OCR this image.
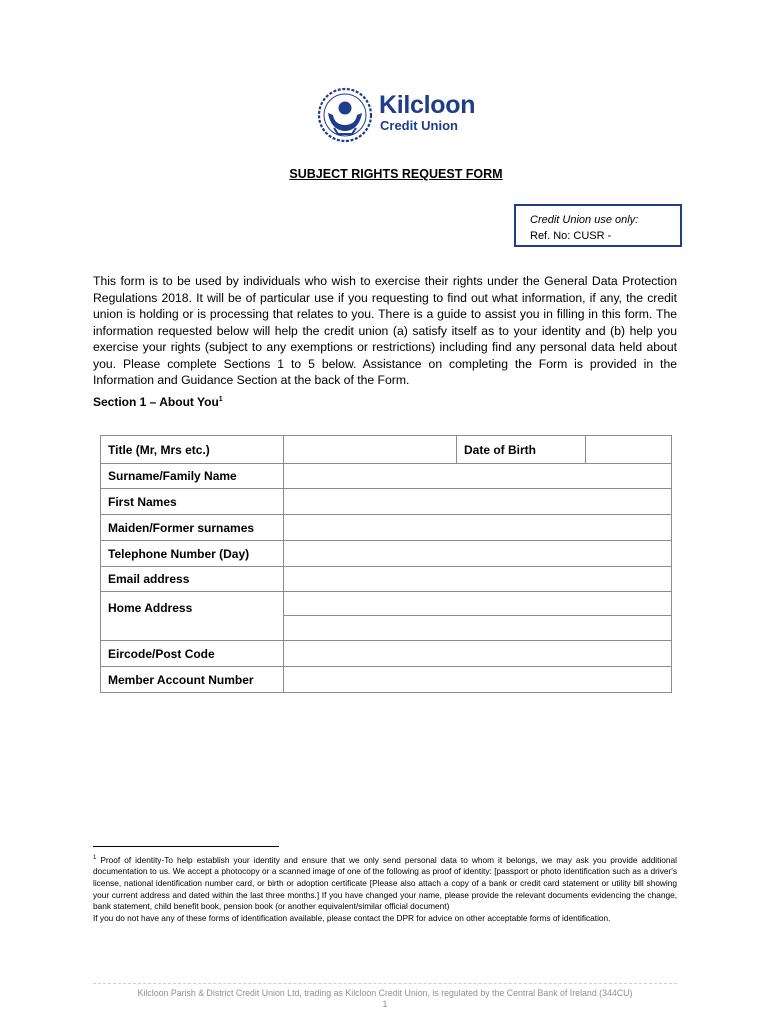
Kilcloon
Credit Union
SUBJECT RIGHTS REQUEST FORM
Credit Union use only:
Ref. No: CUSR -
This form is to be used by individuals who wish to exercise their rights under the General Data Protection Regulations 2018. It will be of particular use if you requesting to find out what information, if any, the credit union is holding or is processing that relates to you. There is a guide to assist you in filling in this form. The information requested below will help the credit union (a) satisfy itself as to your identity and (b) help you exercise your rights (subject to any exemptions or restrictions) including find any personal data held about you. Please complete Sections 1 to 5 below. Assistance on completing the Form is provided in the Information and Guidance Section at the back of the Form.
Section 1 – About You$^1$
Title (Mr, Mrs etc.)		Date of Birth	
Surname/Family Name			
First Names			
Maiden/Former surnames			
Telephone Number (Day)			
Email address			
Home Address			

Eircode/Post Code			
Member Account Number			
$^1$ Proof of identity-To help establish your identity and ensure that we only send personal data to whom it belongs, we may ask you provide additional documentation to us. We accept a photocopy or a scanned image of one of the following as proof of identity: [passport or photo identification such as a driver's license, national identification number card, or birth or adoption certificate [Please also attach a copy of a bank or credit card statement or utility bill showing your current address and dated within the last three months.] If you have changed your name, please provide the relevant documents evidencing the change, bank statement, child benefit book, pension book (or another equivalent/similar official document)
If you do not have any of these forms of identification available, please contact the DPR for advice on other acceptable forms of identification.
Kilcloon Parish & District Credit Union Ltd, trading as Kilcloon Credit Union, is regulated by the Central Bank of Ireland (344CU)
1
